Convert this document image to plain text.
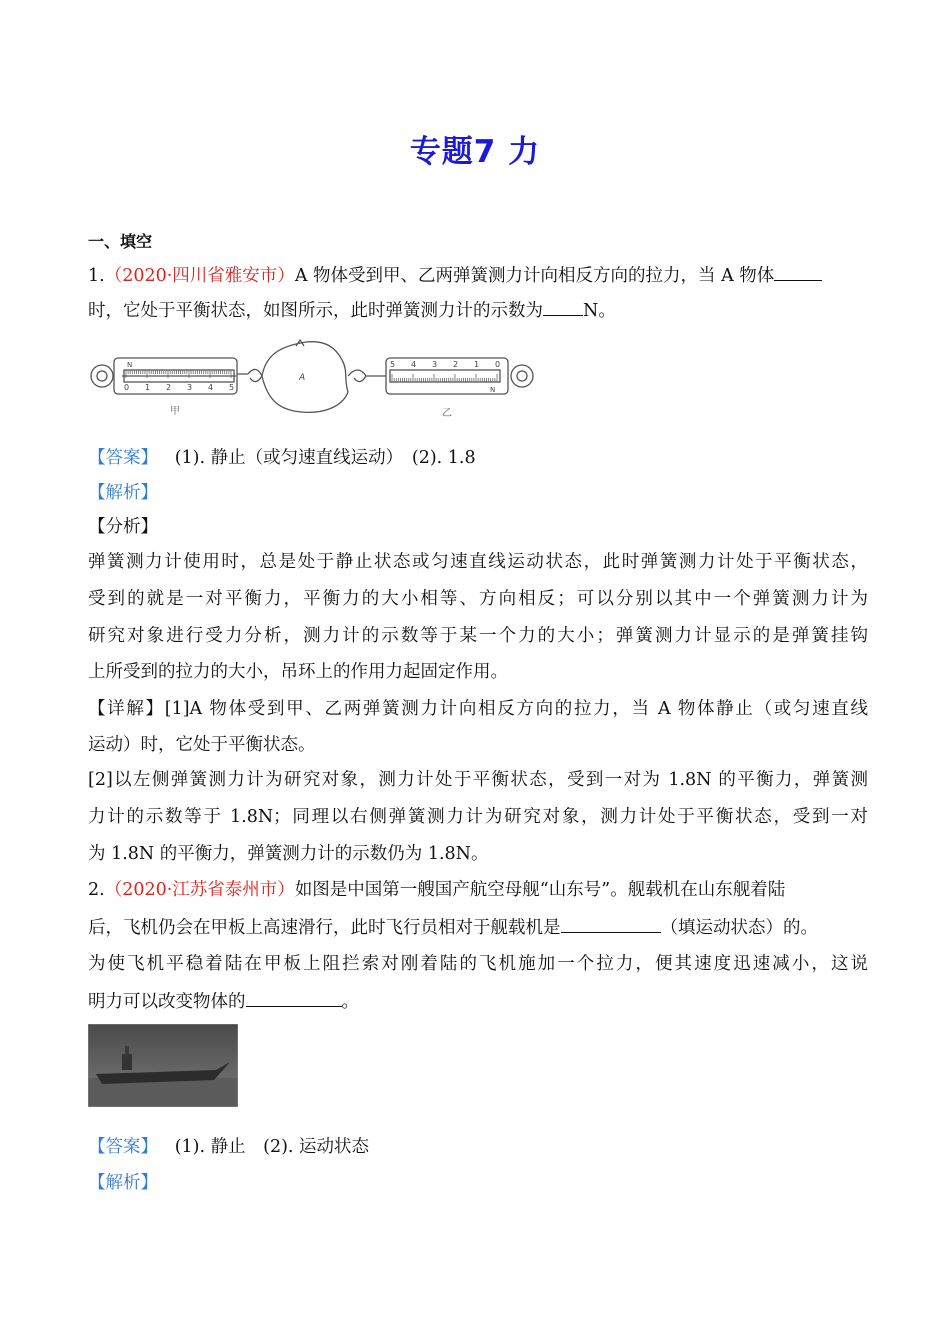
专题7 力
一、填空
1.（2020·四川省雅安市）A 物体受到甲、乙两弹簧测力计向相反方向的拉力，当 A 物体
时，它处于平衡状态，如图所示，此时弹簧测力计的示数为 N。
N
N
0 1 2 3 4 5
5 4 3 2 1 0
A
甲	乙
【答案】 (1). 静止（或匀速直线运动）　(2). 1.8
【解析】
【分析】
弹簧测力计使用时，总是处于静止状态或匀速直线运动状态，此时弹簧测力计处于平衡状态，
受到的就是一对平衡力，平衡力的大小相等、方向相反；可以分别以其中一个弹簧测力计为
研究对象进行受力分析，测力计的示数等于某一个力的大小；弹簧测力计显示的是弹簧挂钩
上所受到的拉力的大小，吊环上的作用力起固定作用。
【详解】[1]A 物体受到甲、乙两弹簧测力计向相反方向的拉力，当 A 物体静止（或匀速直线
运动）时，它处于平衡状态。
[2]以左侧弹簧测力计为研究对象，测力计处于平衡状态，受到一对为 1.8N 的平衡力，弹簧测
力计的示数等于 1.8N；同理以右侧弹簧测力计为研究对象，测力计处于平衡状态，受到一对
为 1.8N 的平衡力，弹簧测力计的示数仍为 1.8N。
2.（2020·江苏省泰州市）如图是中国第一艘国产航空母舰“山东号”。舰载机在山东舰着陆
后，飞机仍会在甲板上高速滑行，此时飞行员相对于舰载机是	（填运动状态）的。
为使飞机平稳着陆在甲板上阻拦索对刚着陆的飞机施加一个拉力，便其速度迅速减小，这说
明力可以改变物体的	。
【答案】 (1). 静止　(2). 运动状态
【解析】
